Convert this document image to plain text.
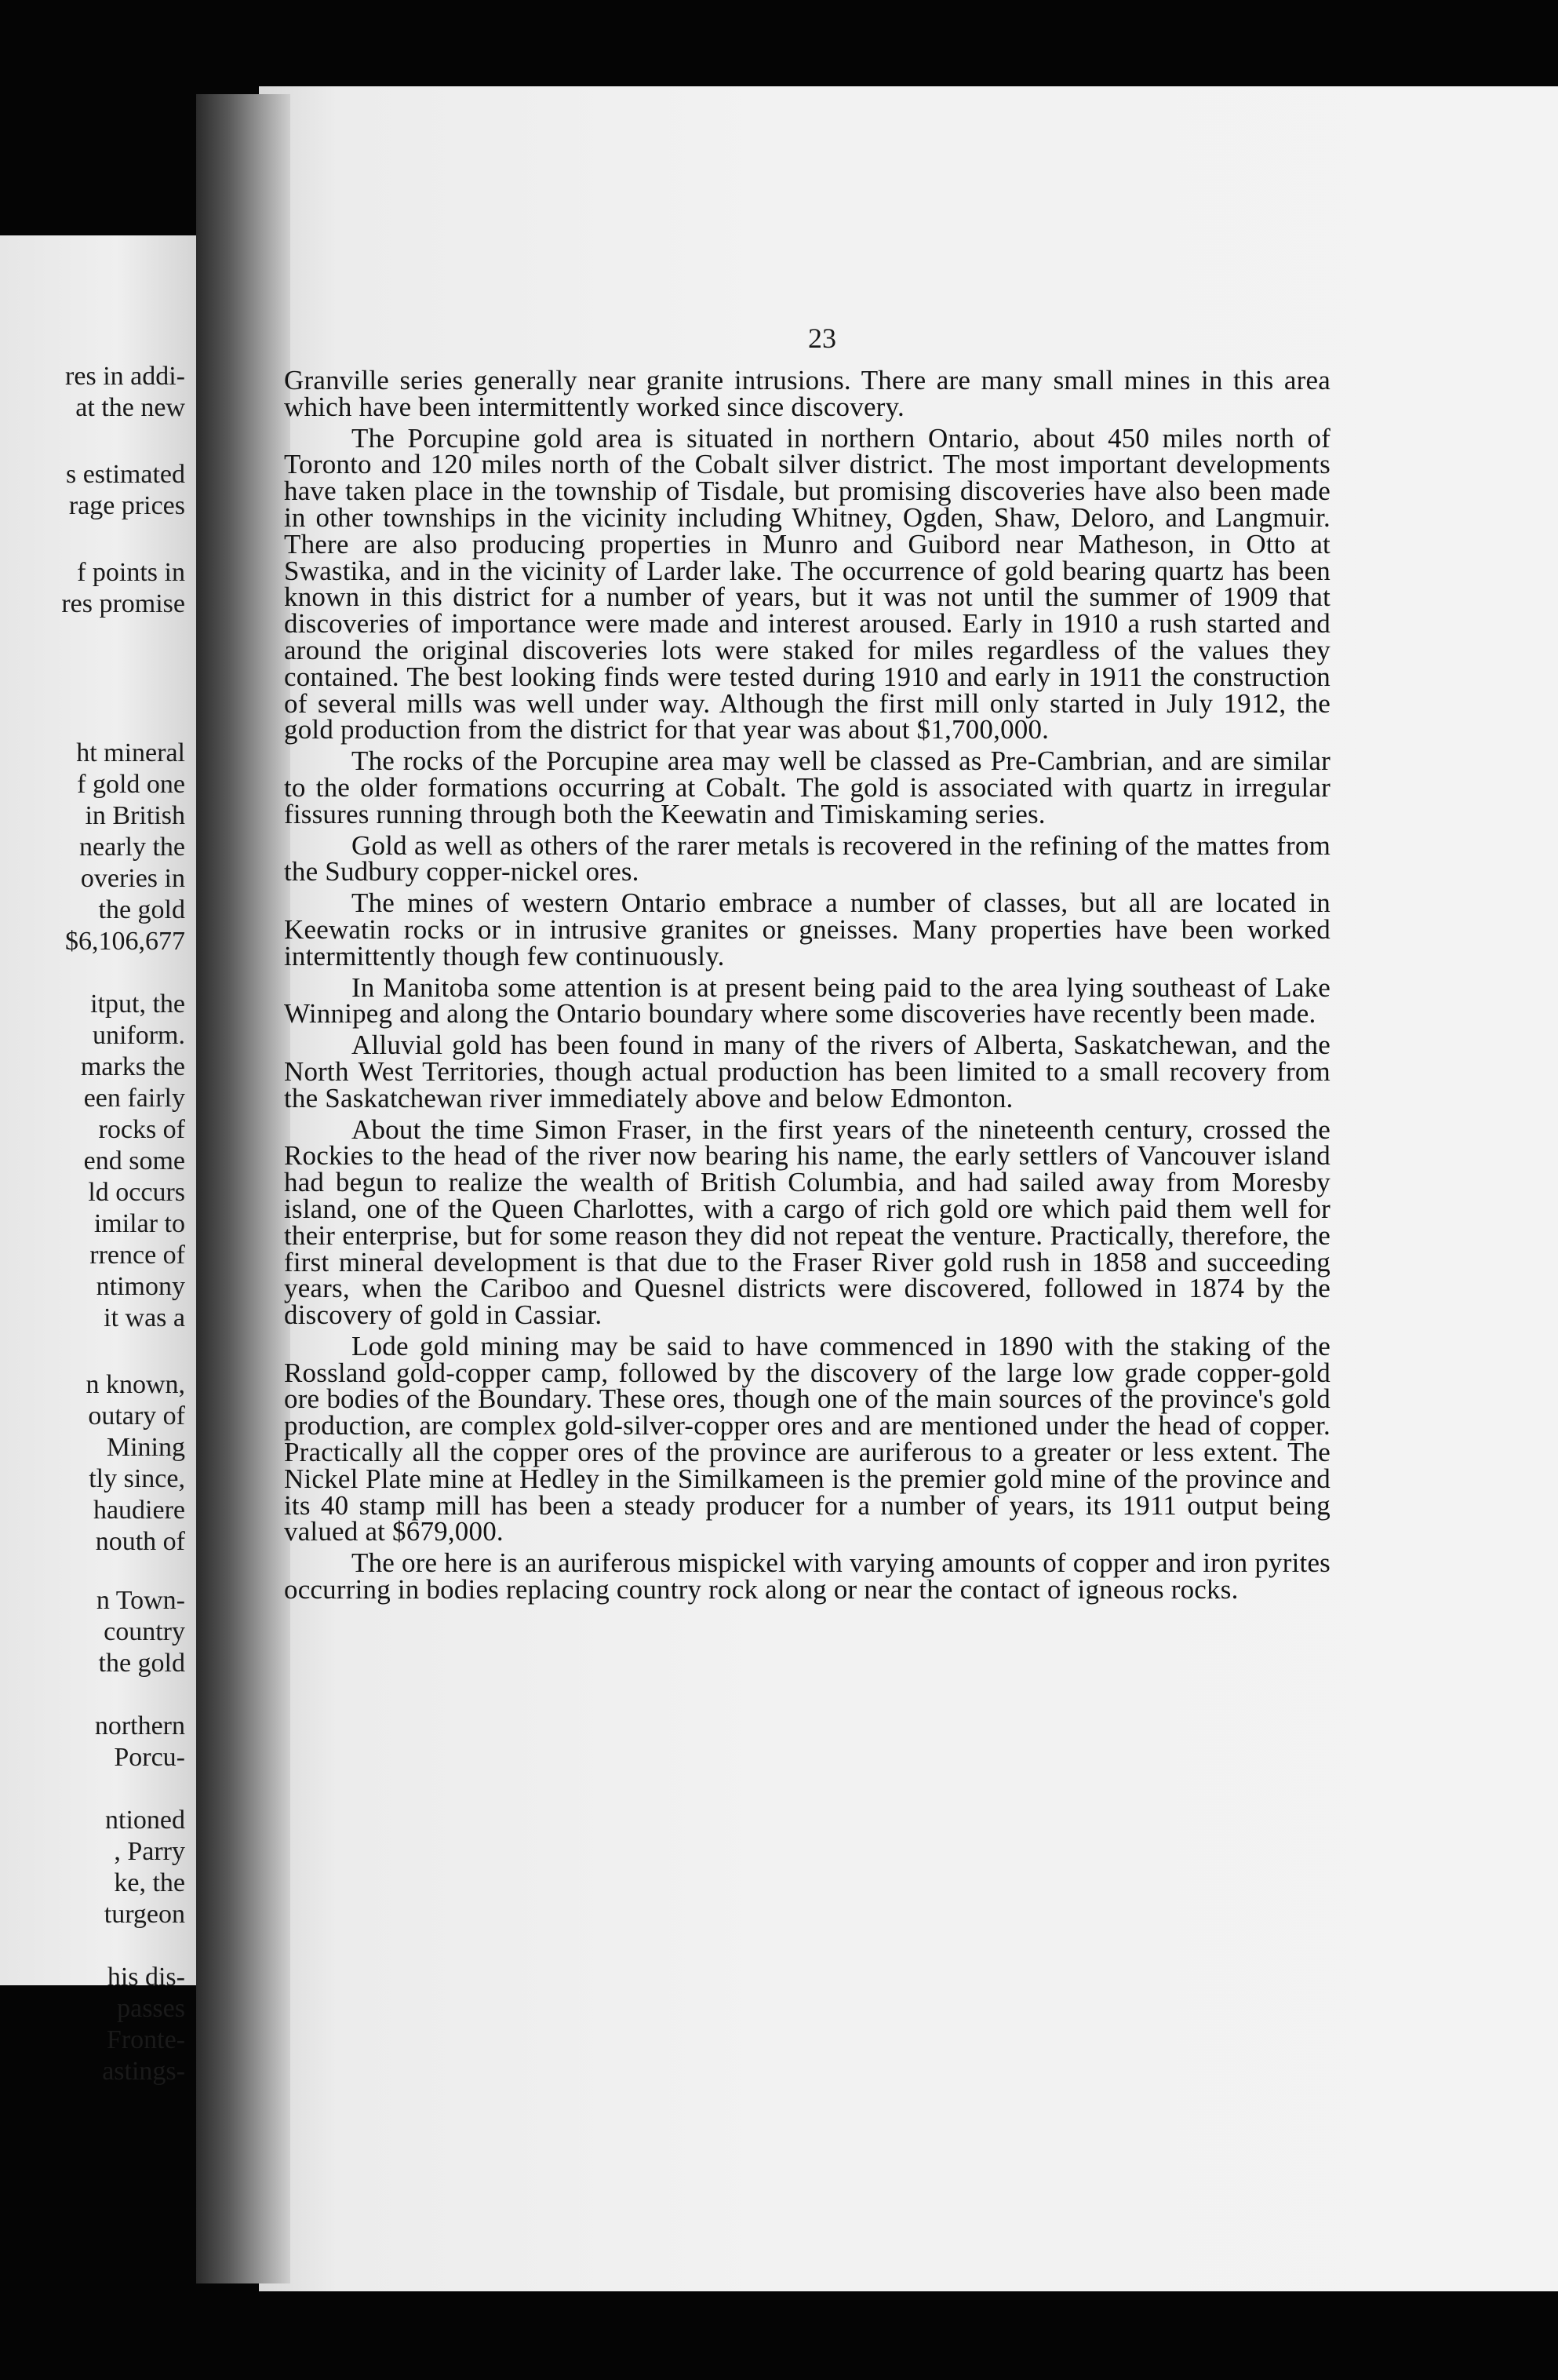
res in addi-
at the new
s estimated
rage prices
f points in
res promise
ht mineral
f gold one
in British
nearly the
overies in
the gold
$6,106,677
itput, the
uniform.
marks the
een fairly
rocks of
end some
ld occurs
imilar to
rrence of
ntimony
it was a
n known,
outary of
Mining
tly since,
haudiere
nouth of
n Town-
country
the gold
northern
Porcu-
ntioned
, Parry
ke, the
turgeon
his dis-
passes
Fronte-
astings-
23

Granville series generally near granite intrusions. There are many small mines in this area which have been intermittently worked since discovery.

The Porcupine gold area is situated in northern Ontario, about 450 miles north of Toronto and 120 miles north of the Cobalt silver district. The most important developments have taken place in the township of Tisdale, but promising discoveries have also been made in other townships in the vicinity including Whitney, Ogden, Shaw, Deloro, and Langmuir. There are also producing properties in Munro and Guibord near Matheson, in Otto at Swastika, and in the vicinity of Larder lake. The occurrence of gold bearing quartz has been known in this district for a number of years, but it was not until the summer of 1909 that discoveries of importance were made and interest aroused. Early in 1910 a rush started and around the original discoveries lots were staked for miles regardless of the values they contained. The best looking finds were tested during 1910 and early in 1911 the construction of several mills was well under way. Although the first mill only started in July 1912, the gold production from the district for that year was about $1,700,000.

The rocks of the Porcupine area may well be classed as Pre-Cambrian, and are similar to the older formations occurring at Cobalt. The gold is associated with quartz in irregular fissures running through both the Keewatin and Timiskaming series.

Gold as well as others of the rarer metals is recovered in the refining of the mattes from the Sudbury copper-nickel ores.

The mines of western Ontario embrace a number of classes, but all are located in Keewatin rocks or in intrusive granites or gneisses. Many properties have been worked intermittently though few continuously.

In Manitoba some attention is at present being paid to the area lying southeast of Lake Winnipeg and along the Ontario boundary where some discoveries have recently been made.

Alluvial gold has been found in many of the rivers of Alberta, Saskatchewan, and the North West Territories, though actual production has been limited to a small recovery from the Saskatchewan river immediately above and below Edmonton.

About the time Simon Fraser, in the first years of the nineteenth century, crossed the Rockies to the head of the river now bearing his name, the early settlers of Vancouver island had begun to realize the wealth of British Columbia, and had sailed away from Moresby island, one of the Queen Charlottes, with a cargo of rich gold ore which paid them well for their enterprise, but for some reason they did not repeat the venture. Practically, therefore, the first mineral development is that due to the Fraser River gold rush in 1858 and succeeding years, when the Cariboo and Quesnel districts were discovered, followed in 1874 by the discovery of gold in Cassiar.

Lode gold mining may be said to have commenced in 1890 with the staking of the Rossland gold-copper camp, followed by the discovery of the large low grade copper-gold ore bodies of the Boundary. These ores, though one of the main sources of the province's gold production, are complex gold-silver-copper ores and are mentioned under the head of copper. Practically all the copper ores of the province are auriferous to a greater or less extent. The Nickel Plate mine at Hedley in the Similkameen is the premier gold mine of the province and its 40 stamp mill has been a steady producer for a number of years, its 1911 output being valued at $679,000.

The ore here is an auriferous mispickel with varying amounts of copper and iron pyrites occurring in bodies replacing country rock along or near the contact of igneous rocks.
